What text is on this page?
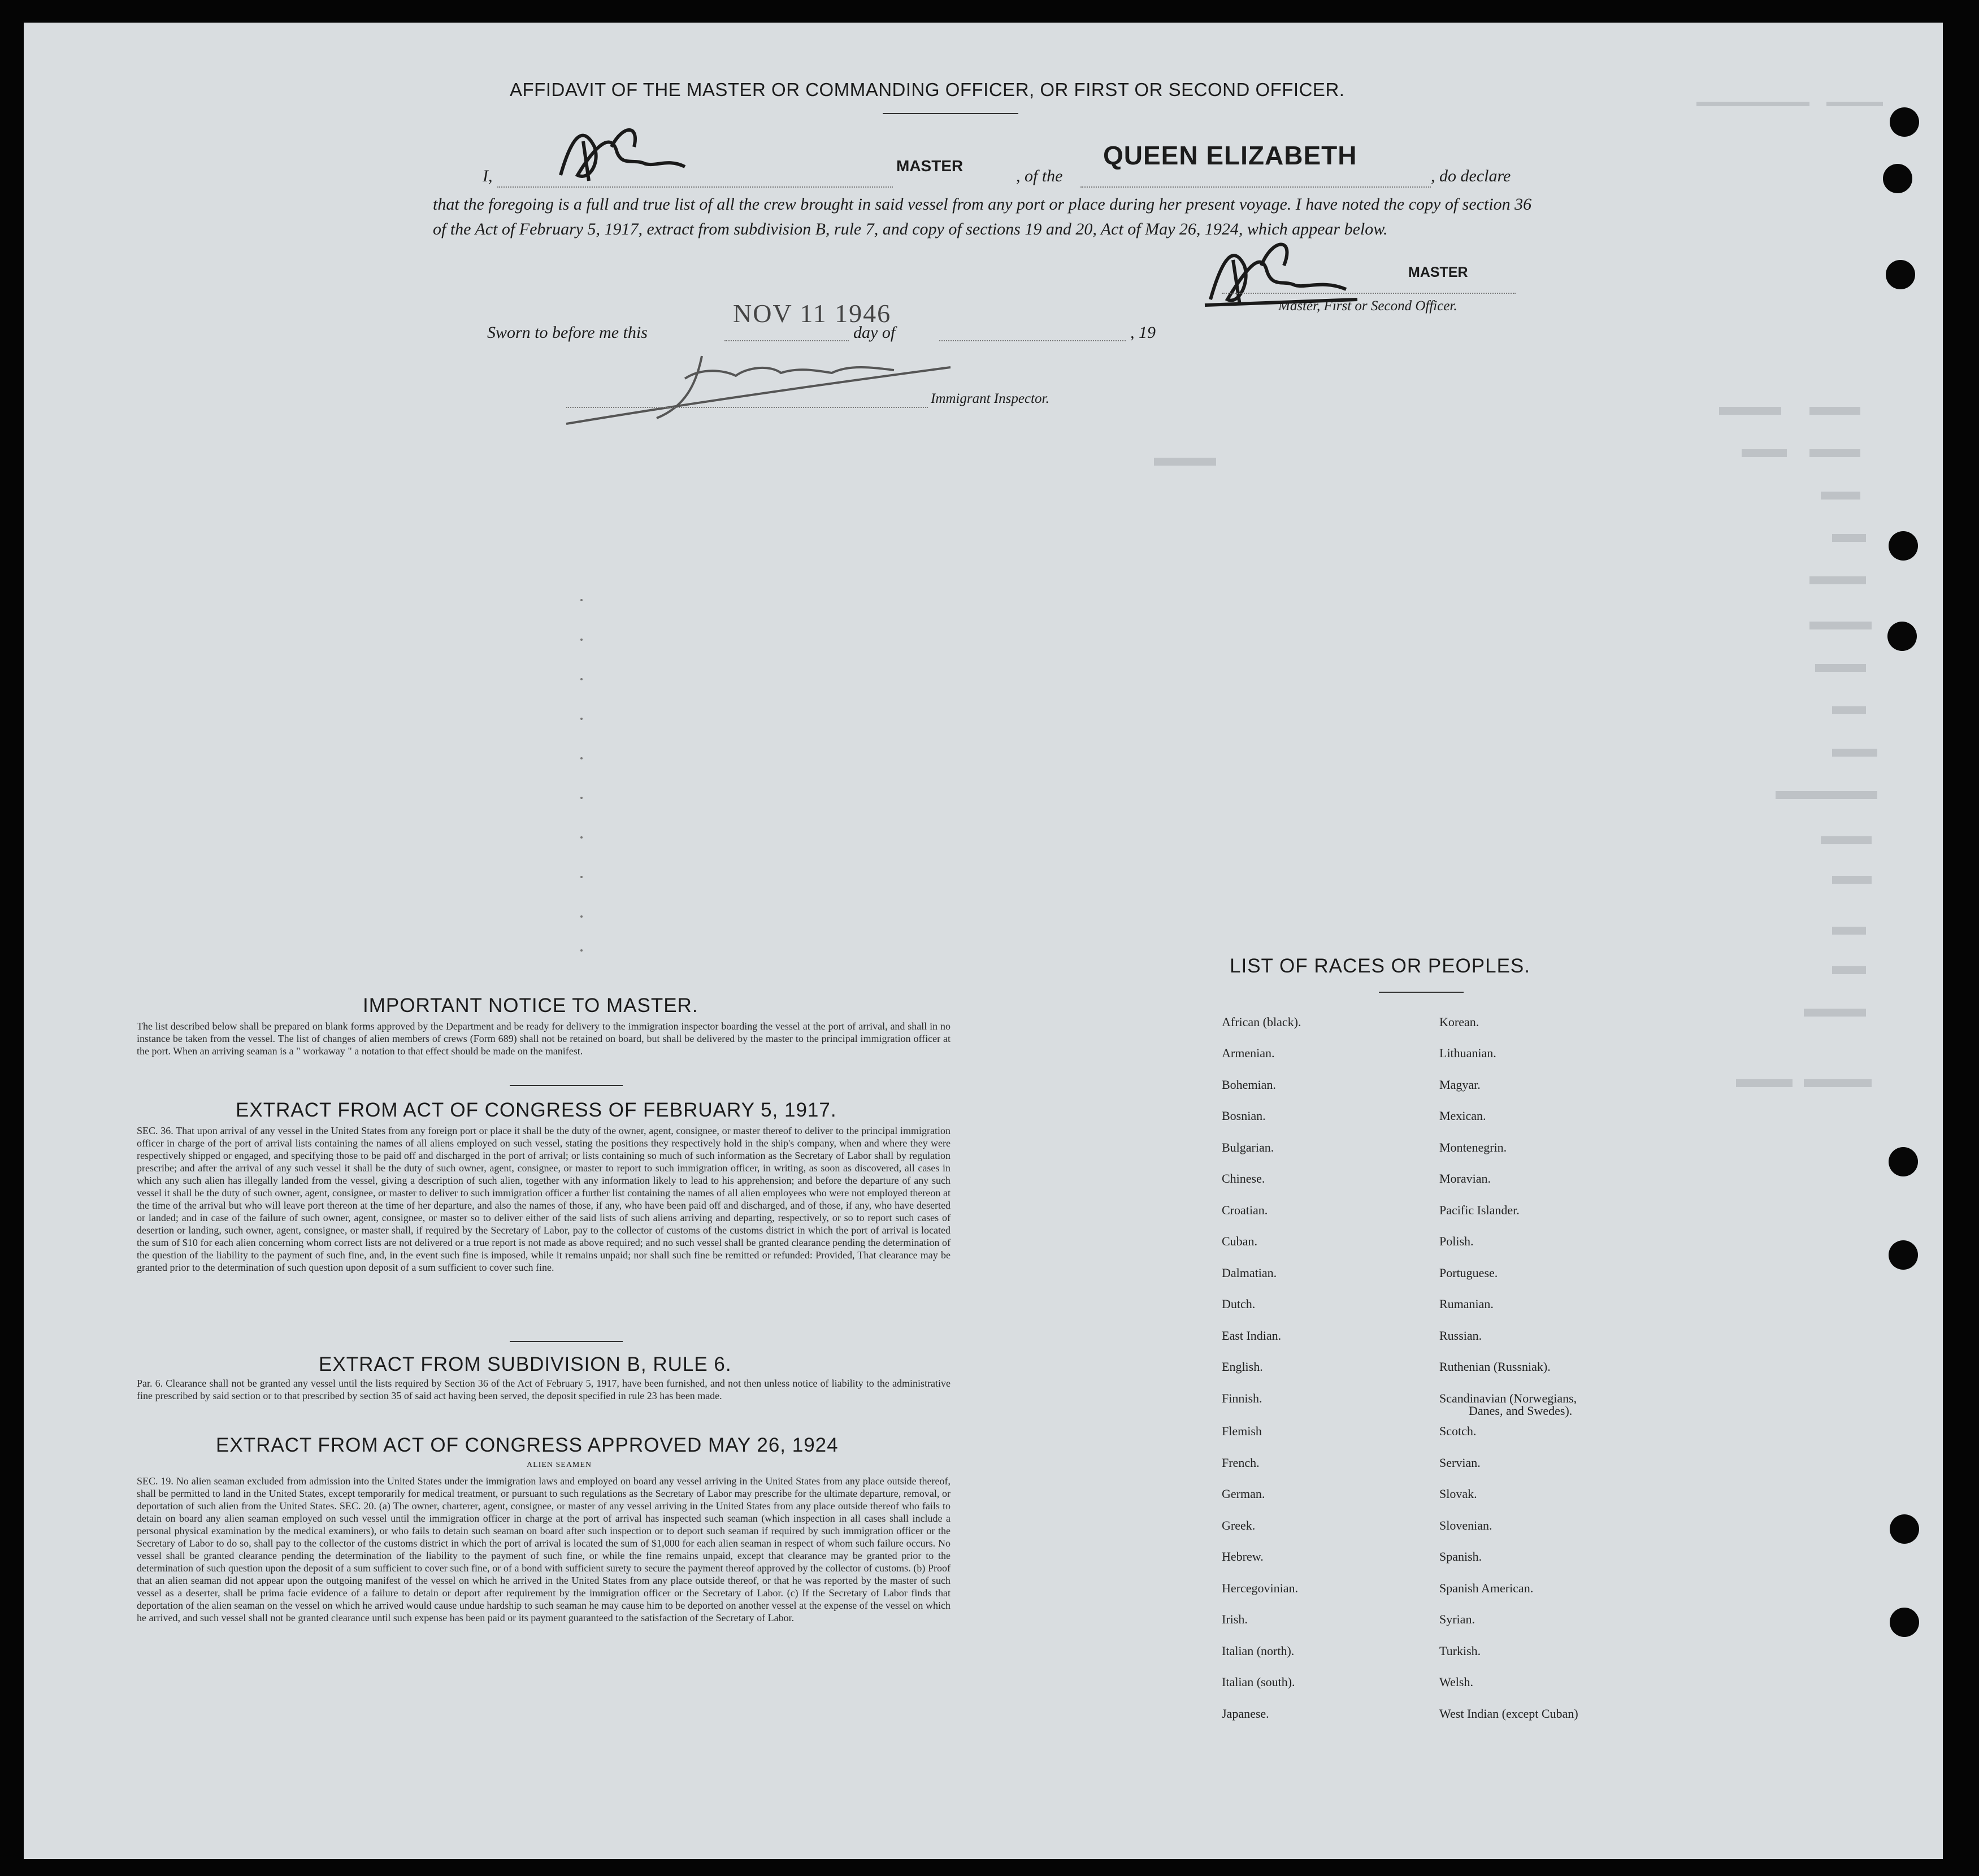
AFFIDAVIT OF THE MASTER OR COMMANDING OFFICER, OR FIRST OR SECOND OFFICER.
I,
MASTER
, of the
QUEEN ELIZABETH
, do declare
that the foregoing is a full and true list of all the crew brought in said vessel from any port or place during her present voyage. I have noted the copy of section 36 of the Act of February 5, 1917, extract from subdivision B, rule 7, and copy of sections 19 and 20, Act of May 26, 1924, which appear below.
MASTER
Master, First or Second Officer.
Sworn to before me this
NOV 11 1946
day of	, 19
Immigrant Inspector.
IMPORTANT NOTICE TO MASTER.
The list described below shall be prepared on blank forms approved by the Department and be ready for delivery to the immigration inspector boarding the vessel at the port of arrival, and shall in no instance be taken from the vessel. The list of changes of alien members of crews (Form 689) shall not be retained on board, but shall be delivered by the master to the principal immigration officer at the port. When an arriving seaman is a " workaway " a notation to that effect should be made on the manifest.
EXTRACT FROM ACT OF CONGRESS OF FEBRUARY 5, 1917.
SEC. 36. That upon arrival of any vessel in the United States from any foreign port or place it shall be the duty of the owner, agent, consignee, or master thereof to deliver to the principal immigration officer in charge of the port of arrival lists containing the names of all aliens employed on such vessel, stating the positions they respectively hold in the ship's company, when and where they were respectively shipped or engaged, and specifying those to be paid off and discharged in the port of arrival; or lists containing so much of such information as the Secretary of Labor shall by regulation prescribe; and after the arrival of any such vessel it shall be the duty of such owner, agent, consignee, or master to report to such immigration officer, in writing, as soon as discovered, all cases in which any such alien has illegally landed from the vessel, giving a description of such alien, together with any information likely to lead to his apprehension; and before the departure of any such vessel it shall be the duty of such owner, agent, consignee, or master to deliver to such immigration officer a further list containing the names of all alien employees who were not employed thereon at the time of the arrival but who will leave port thereon at the time of her departure, and also the names of those, if any, who have been paid off and discharged, and of those, if any, who have deserted or landed; and in case of the failure of such owner, agent, consignee, or master so to deliver either of the said lists of such aliens arriving and departing, respectively, or so to report such cases of desertion or landing, such owner, agent, consignee, or master shall, if required by the Secretary of Labor, pay to the collector of customs of the customs district in which the port of arrival is located the sum of $10 for each alien concerning whom correct lists are not delivered or a true report is not made as above required; and no such vessel shall be granted clearance pending the determination of the question of the liability to the payment of such fine, and, in the event such fine is imposed, while it remains unpaid; nor shall such fine be remitted or refunded: Provided, That clearance may be granted prior to the determination of such question upon deposit of a sum sufficient to cover such fine.
EXTRACT FROM SUBDIVISION B, RULE 6.
Par. 6. Clearance shall not be granted any vessel until the lists required by Section 36 of the Act of February 5, 1917, have been furnished, and not then unless notice of liability to the administrative fine prescribed by said section or to that prescribed by section 35 of said act having been served, the deposit specified in rule 23 has been made.
EXTRACT FROM ACT OF CONGRESS APPROVED MAY 26, 1924
ALIEN SEAMEN
SEC. 19. No alien seaman excluded from admission into the United States under the immigration laws and employed on board any vessel arriving in the United States from any place outside thereof, shall be permitted to land in the United States, except temporarily for medical treatment, or pursuant to such regulations as the Secretary of Labor may prescribe for the ultimate departure, removal, or deportation of such alien from the United States. SEC. 20. (a) The owner, charterer, agent, consignee, or master of any vessel arriving in the United States from any place outside thereof who fails to detain on board any alien seaman employed on such vessel until the immigration officer in charge at the port of arrival has inspected such seaman (which inspection in all cases shall include a personal physical examination by the medical examiners), or who fails to detain such seaman on board after such inspection or to deport such seaman if required by such immigration officer or the Secretary of Labor to do so, shall pay to the collector of the customs district in which the port of arrival is located the sum of $1,000 for each alien seaman in respect of whom such failure occurs. No vessel shall be granted clearance pending the determination of the liability to the payment of such fine, or while the fine remains unpaid, except that clearance may be granted prior to the determination of such question upon the deposit of a sum sufficient to cover such fine, or of a bond with sufficient surety to secure the payment thereof approved by the collector of customs. (b) Proof that an alien seaman did not appear upon the outgoing manifest of the vessel on which he arrived in the United States from any place outside thereof, or that he was reported by the master of such vessel as a deserter, shall be prima facie evidence of a failure to detain or deport after requirement by the immigration officer or the Secretary of Labor. (c) If the Secretary of Labor finds that deportation of the alien seaman on the vessel on which he arrived would cause undue hardship to such seaman he may cause him to be deported on another vessel at the expense of the vessel on which he arrived, and such vessel shall not be granted clearance until such expense has been paid or its payment guaranteed to the satisfaction of the Secretary of Labor.
LIST OF RACES OR PEOPLES.
African (black).
Armenian.
Bohemian.
Bosnian.
Bulgarian.
Chinese.
Croatian.
Cuban.
Dalmatian.
Dutch.
East Indian.
English.
Finnish.
Flemish
French.
German.
Greek.
Hebrew.
Hercegovinian.
Irish.
Italian (north).
Italian (south).
Japanese.
Korean.
Lithuanian.
Magyar.
Mexican.
Montenegrin.
Moravian.
Pacific Islander.
Polish.
Portuguese.
Rumanian.
Russian.
Ruthenian (Russniak).
Scandinavian (Norwegians,
Danes, and Swedes).
Scotch.
Servian.
Slovak.
Slovenian.
Spanish.
Spanish American.
Syrian.
Turkish.
Welsh.
West Indian (except Cuban)
